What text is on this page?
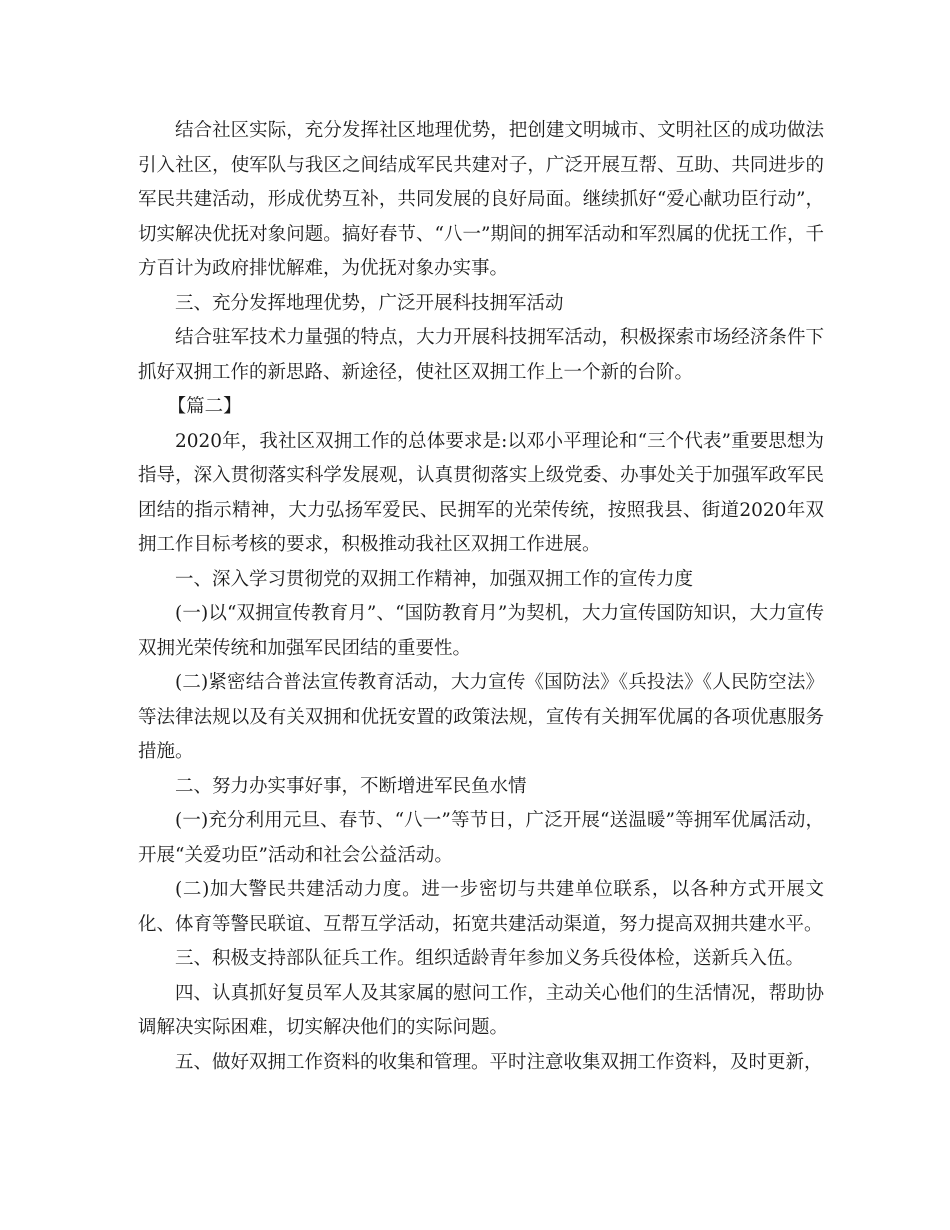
结合社区实际，充分发挥社区地理优势，把创建文明城市、文明社区的成功做法引入社区，使军队与我区之间结成军民共建对子，广泛开展互帮、互助、共同进步的军民共建活动，形成优势互补，共同发展的良好局面。继续抓好“爱心献功臣行动”，切实解决优抚对象问题。搞好春节、“八一”期间的拥军活动和军烈属的优抚工作，千方百计为政府排忧解难，为优抚对象办实事。

三、充分发挥地理优势，广泛开展科技拥军活动

结合驻军技术力量强的特点，大力开展科技拥军活动，积极探索市场经济条件下抓好双拥工作的新思路、新途径，使社区双拥工作上一个新的台阶。

【篇二】

2020年，我社区双拥工作的总体要求是:以邓小平理论和“三个代表”重要思想为指导，深入贯彻落实科学发展观，认真贯彻落实上级党委、办事处关于加强军政军民团结的指示精神，大力弘扬军爱民、民拥军的光荣传统，按照我县、街道2020年双拥工作目标考核的要求，积极推动我社区双拥工作进展。

一、深入学习贯彻党的双拥工作精神，加强双拥工作的宣传力度

(一)以“双拥宣传教育月”、“国防教育月”为契机，大力宣传国防知识，大力宣传双拥光荣传统和加强军民团结的重要性。

(二)紧密结合普法宣传教育活动，大力宣传《国防法》《兵投法》《人民防空法》等法律法规以及有关双拥和优抚安置的政策法规，宣传有关拥军优属的各项优惠服务措施。

二、努力办实事好事，不断增进军民鱼水情

(一)充分利用元旦、春节、“八一”等节日，广泛开展“送温暖”等拥军优属活动，开展“关爱功臣”活动和社会公益活动。

(二)加大警民共建活动力度。进一步密切与共建单位联系，以各种方式开展文化、体育等警民联谊、互帮互学活动，拓宽共建活动渠道，努力提高双拥共建水平。

三、积极支持部队征兵工作。组织适龄青年参加义务兵役体检，送新兵入伍。

四、认真抓好复员军人及其家属的慰问工作，主动关心他们的生活情况，帮助协调解决实际困难，切实解决他们的实际问题。

五、做好双拥工作资料的收集和管理。平时注意收集双拥工作资料，及时更新，
